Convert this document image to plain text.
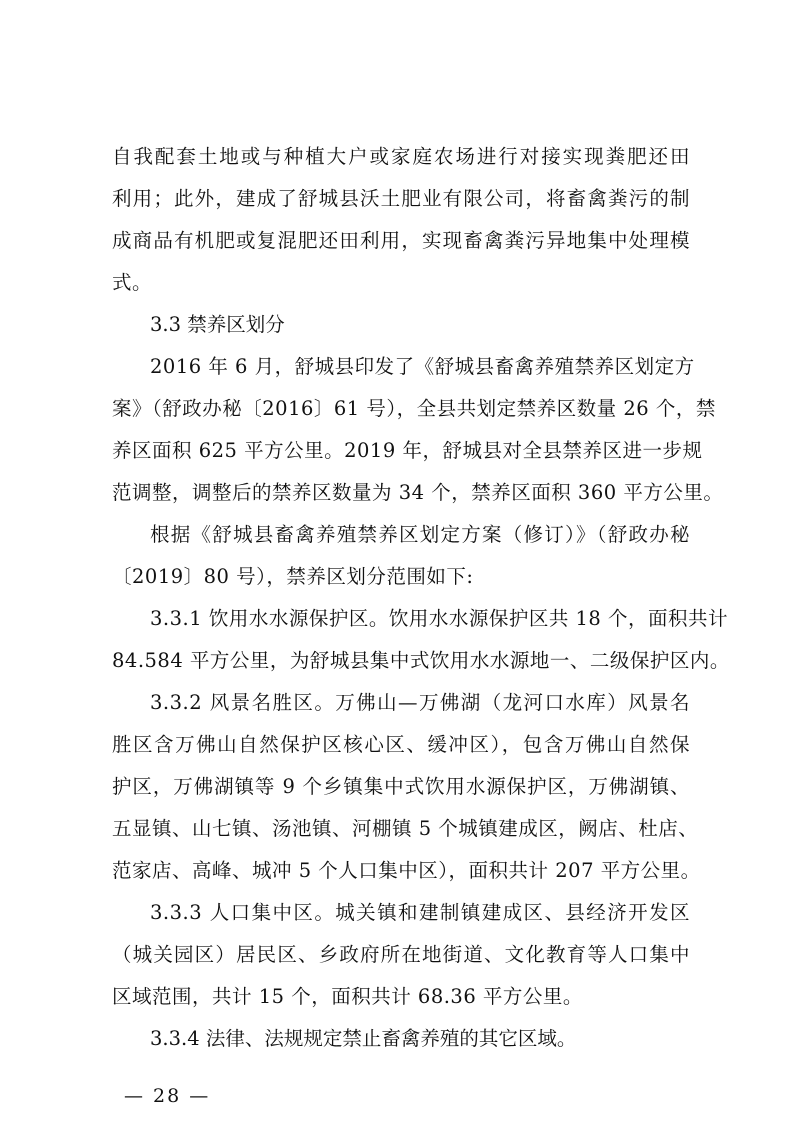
自我配套土地或与种植大户或家庭农场进行对接实现粪肥还田
利用；此外，建成了舒城县沃土肥业有限公司，将畜禽粪污的制
成商品有机肥或复混肥还田利用，实现畜禽粪污异地集中处理模
式。
3.3 禁养区划分
2016 年 6 月，舒城县印发了《舒城县畜禽养殖禁养区划定方
案》（舒政办秘〔2016〕61 号），全县共划定禁养区数量 26 个，禁
养区面积 625 平方公里。2019 年，舒城县对全县禁养区进一步规
范调整，调整后的禁养区数量为 34 个，禁养区面积 360 平方公里。
根据《舒城县畜禽养殖禁养区划定方案（修订）》（舒政办秘
〔2019〕80 号），禁养区划分范围如下:
3.3.1 饮用水水源保护区。饮用水水源保护区共 18 个，面积共计
84.584 平方公里，为舒城县集中式饮用水水源地一、二级保护区内。
3.3.2 风景名胜区。万佛山—万佛湖（龙河口水库）风景名
胜区含万佛山自然保护区核心区、缓冲区），包含万佛山自然保
护区，万佛湖镇等 9 个乡镇集中式饮用水源保护区，万佛湖镇、
五显镇、山七镇、汤池镇、河棚镇 5 个城镇建成区，阙店、杜店、
范家店、高峰、城冲 5 个人口集中区），面积共计 207 平方公里。
3.3.3 人口集中区。城关镇和建制镇建成区、县经济开发区
（城关园区）居民区、乡政府所在地街道、文化教育等人口集中
区域范围，共计 15 个，面积共计 68.36 平方公里。
3.3.4 法律、法规规定禁止畜禽养殖的其它区域。
— 28 —
